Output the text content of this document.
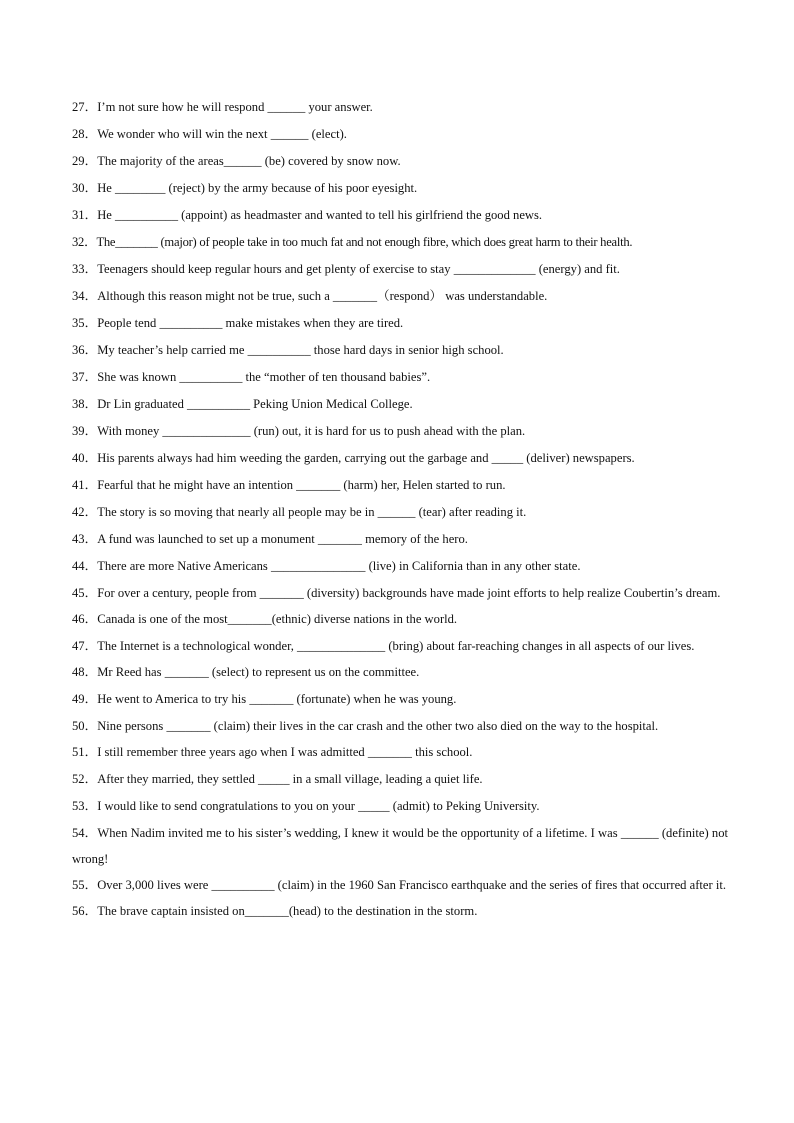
27．I’m not sure how he will respond ______ your answer.
28．We wonder who will win the next ______ (elect).
29．The majority of the areas______ (be) covered by snow now.
30．He ________ (reject) by the army because of his poor eyesight.
31．He __________ (appoint) as headmaster and wanted to tell his girlfriend the good news.
32．The_______ (major) of people take in too much fat and not enough fibre, which does great harm to their health.
33．Teenagers should keep regular hours and get plenty of exercise to stay _____________ (energy) and fit.
34．Although this reason might not be true, such a _______（respond） was understandable.
35．People tend __________ make mistakes when they are tired.
36．My teacher’s help carried me __________ those hard days in senior high school.
37．She was known __________ the “mother of ten thousand babies”.
38．Dr Lin graduated __________ Peking Union Medical College.
39．With money ______________ (run) out, it is hard for us to push ahead with the plan.
40．His parents always had him weeding the garden, carrying out the garbage and _____ (deliver) newspapers.
41．Fearful that he might have an intention _______ (harm) her, Helen started to run.
42．The story is so moving that nearly all people may be in ______ (tear) after reading it.
43．A fund was launched to set up a monument _______ memory of the hero.
44．There are more Native Americans _______________ (live) in California than in any other state.
45．For over a century, people from _______ (diversity) backgrounds have made joint efforts to help realize Coubertin’s dream.
46．Canada is one of the most_______(ethnic) diverse nations in the world.
47．The Internet is a technological wonder, ______________ (bring) about far-reaching changes in all aspects of our lives.
48．Mr Reed has _______ (select) to represent us on the committee.
49．He went to America to try his _______ (fortunate) when he was young.
50．Nine persons _______ (claim) their lives in the car crash and the other two also died on the way to the hospital.
51．I still remember three years ago when I was admitted _______ this school.
52．After they married, they settled _____ in a small village, leading a quiet life.
53．I would like to send congratulations to you on your _____ (admit) to Peking University.
54．When Nadim invited me to his sister’s wedding, I knew it would be the opportunity of a lifetime. I was ______ (definite) not wrong!
55．Over 3,000 lives were __________ (claim) in the 1960 San Francisco earthquake and the series of fires that occurred after it.
56．The brave captain insisted on_______(head) to the destination in the storm.
